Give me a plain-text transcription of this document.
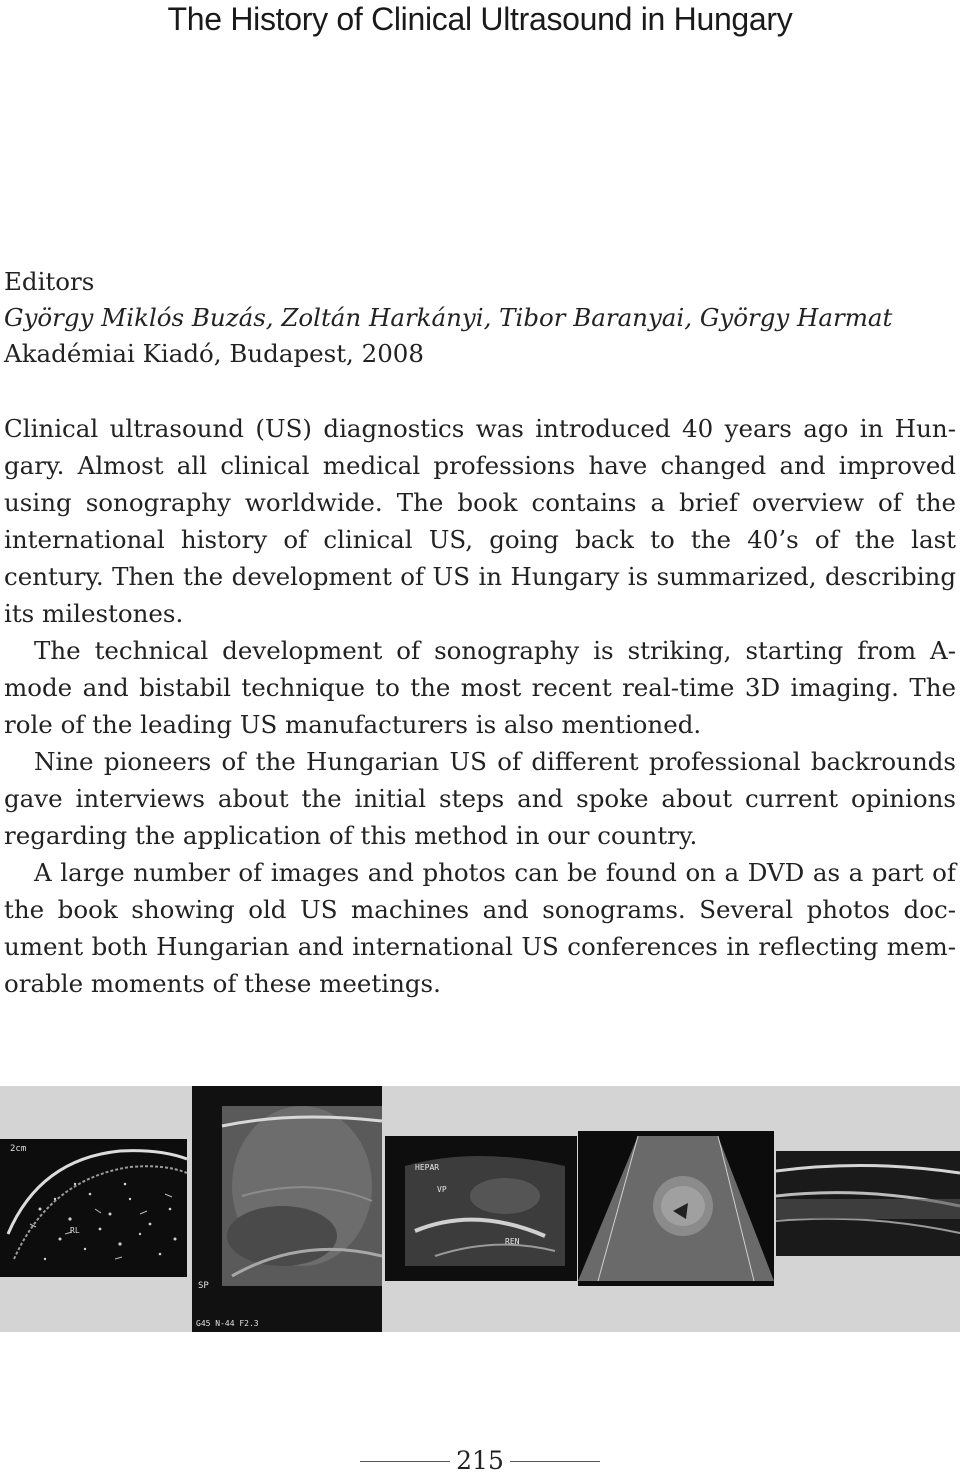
The History of Clinical Ultrasound in Hungary
Editors
György Miklós Buzás, Zoltán Harkányi, Tibor Baranyai, György Harmat
Akadémiai Kiadó, Budapest, 2008

Clinical ultrasound (US) diagnostics was introduced 40 years ago in Hun-gary. Almost all clinical medical professions have changed and improved using sonography worldwide. The book contains a brief overview of the international history of clinical US, going back to the 40’s of the last century. Then the development of US in Hungary is summarized, describing its milestones.

The technical development of sonography is striking, starting from A-mode and bistabil technique to the most recent real-time 3D imaging. The role of the leading US manufacturers is also mentioned.

Nine pioneers of the Hungarian US of different professional backrounds gave interviews about the initial steps and spoke about current opinions regarding the application of this method in our country.

A large number of images and photos can be found on a DVD as a part of the book showing old US machines and sonograms. Several photos doc-ument both Hungarian and international US conferences in reflecting mem-orable moments of these meetings.

2cm
RL
SP
G45 N-44 F2.3
HEPAR
VP
REN
215
